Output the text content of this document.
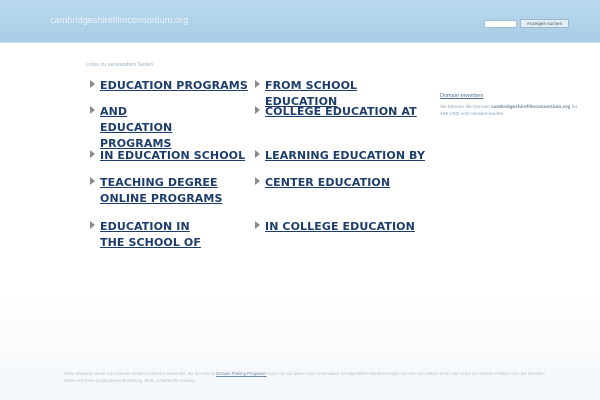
cambridgeshirefilmconsortium.org	Anzeigen suchen
Links zu verwandten Seiten
EDUCATION PROGRAMS
AND EDUCATION PROGRAMS
IN EDUCATION SCHOOL
TEACHING DEGREE ONLINE PROGRAMS
EDUCATION IN THE SCHOOL OF
FROM SCHOOL EDUCATION
COLLEGE EDUCATION AT
LEARNING EDUCATION BY
CENTER EDUCATION
IN COLLEGE EDUCATION
Domain erwerben
Sie können die Domain cambridgeshirefilmconsortium.org für 499 USD vom Inhaber kaufen.
Diese Webseite wurde vom Domain-Inhaber kostenlos verwendet, der den Dienst Domain Parking Programm nutzt. Die auf dieser Seite automatisch bereitgestellten Werbeanzeigen kommen von Dritten-Seite, und weder der Domain-Inhaber noch der Betreiber stehen mit ihnen in irgendeiner Beziehung. Seite, is hiebei the tracking.
